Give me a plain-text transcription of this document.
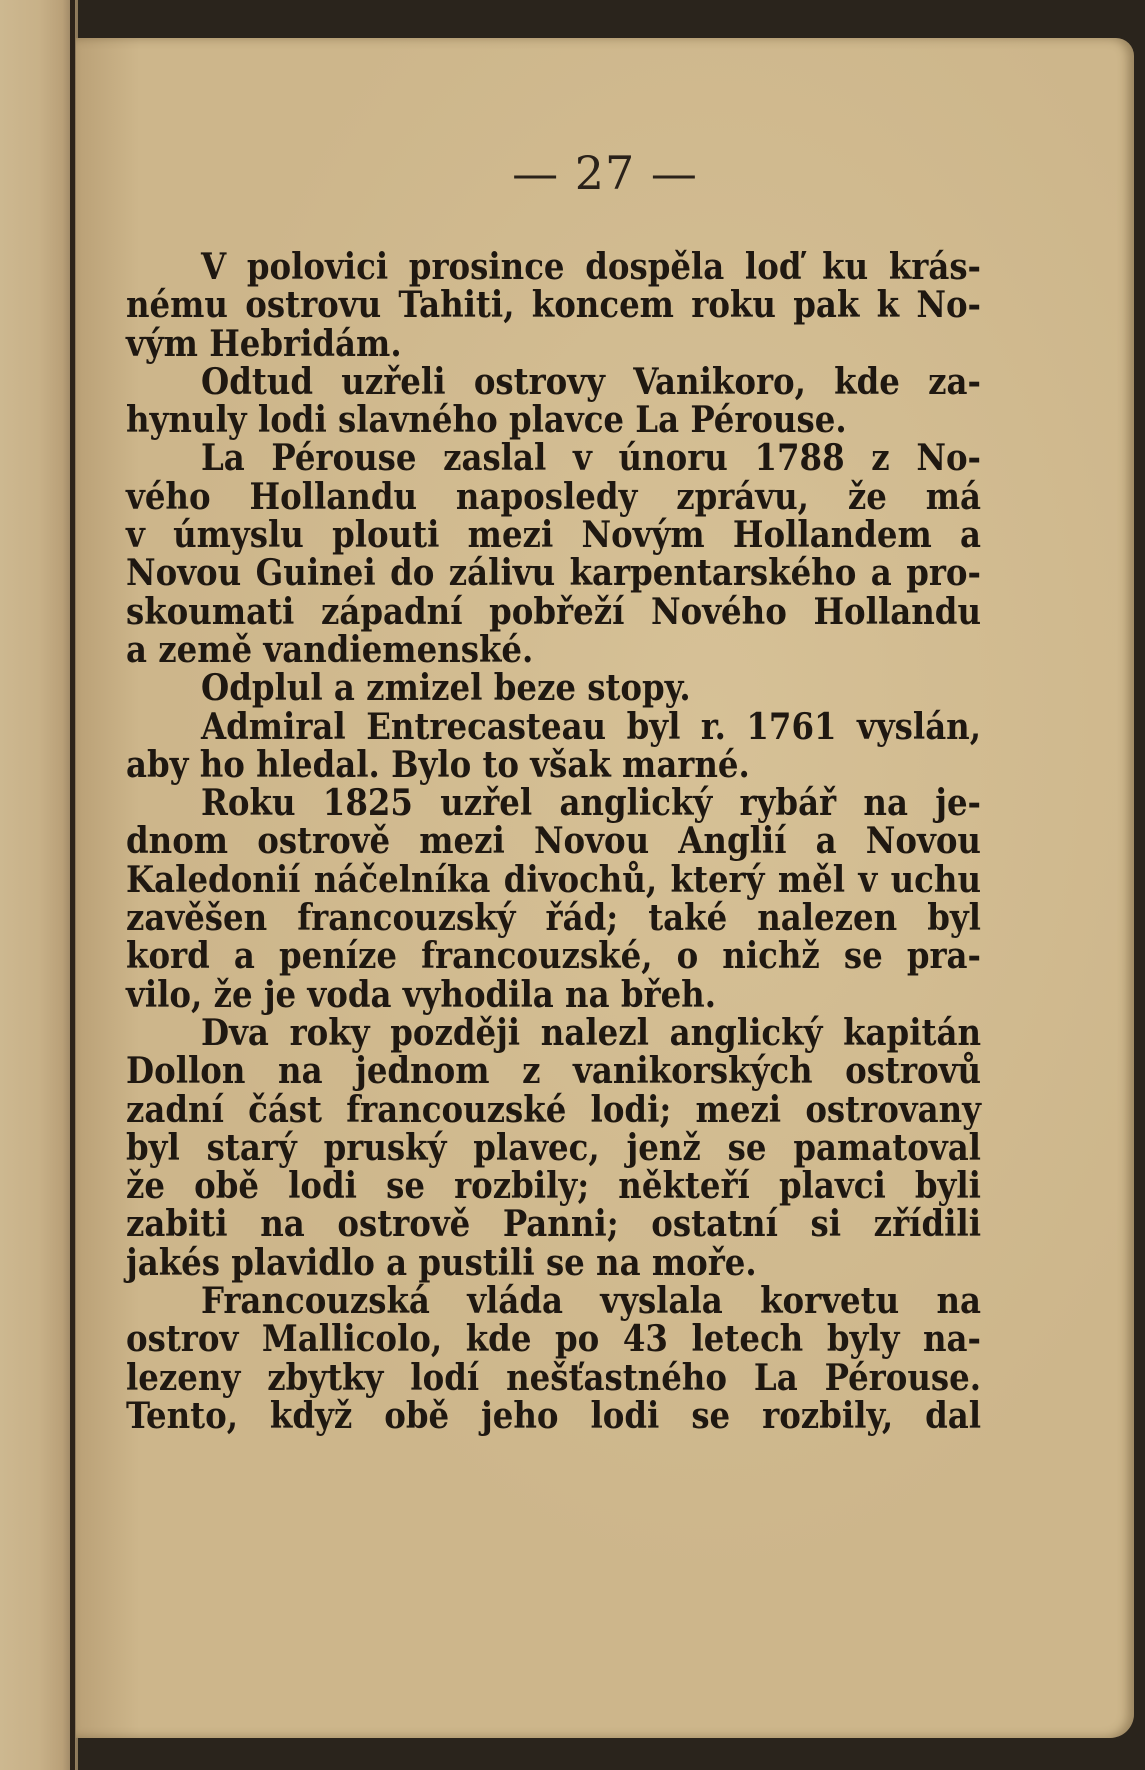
— 27 —
V polovici prosince dospěla loď ku krás-
nému ostrovu Tahiti, koncem roku pak k No-
vým Hebridám.
Odtud uzřeli ostrovy Vanikoro, kde za-
hynuly lodi slavného plavce La Pérouse.
La Pérouse zaslal v únoru 1788 z No-
vého Hollandu naposledy zprávu, že má
v úmyslu plouti mezi Novým Hollandem a
Novou Guinei do zálivu karpentarského a pro-
skoumati západní pobřeží Nového Hollandu
a země vandiemenské.
Odplul a zmizel beze stopy.
Admiral Entrecasteau byl r. 1761 vyslán,
aby ho hledal. Bylo to však marné.
Roku 1825 uzřel anglický rybář na je-
dnom ostrově mezi Novou Anglií a Novou
Kaledonií náčelníka divochů, který měl v uchu
zavěšen francouzský řád; také nalezen byl
kord a peníze francouzské, o nichž se pra-
vilo, že je voda vyhodila na břeh.
Dva roky později nalezl anglický kapitán
Dollon na jednom z vanikorských ostrovů
zadní část francouzské lodi; mezi ostrovany
byl starý pruský plavec, jenž se pamatoval
že obě lodi se rozbily; někteří plavci byli
zabiti na ostrově Panni; ostatní si zřídili
jakés plavidlo a pustili se na moře.
Francouzská vláda vyslala korvetu na
ostrov Mallicolo, kde po 43 letech byly na-
lezeny zbytky lodí nešťastného La Pérouse.
Tento, když obě jeho lodi se rozbily, dal
